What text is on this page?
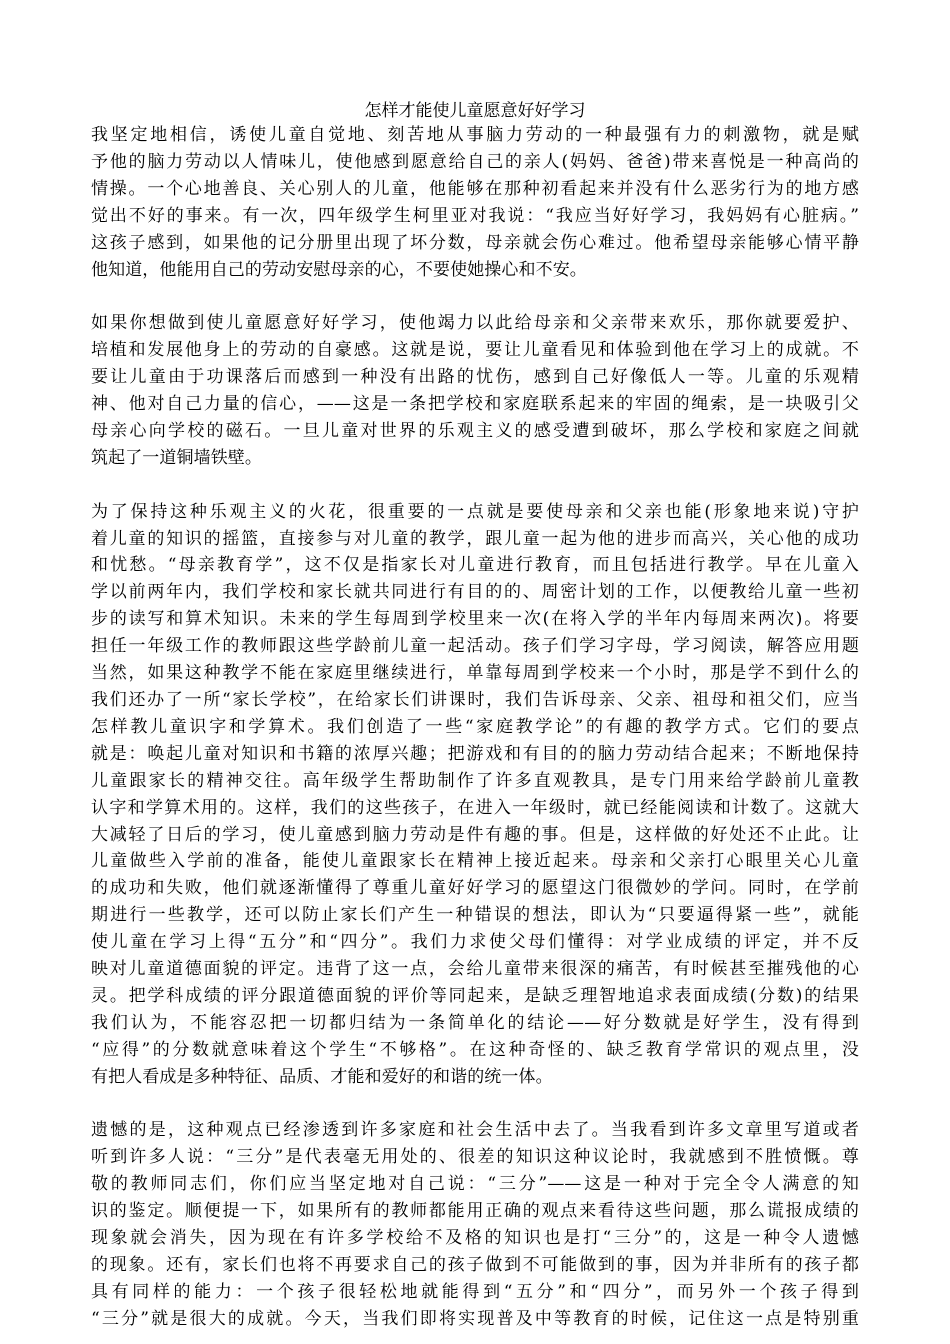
怎样才能使儿童愿意好好学习

我坚定地相信，诱使儿童自觉地、刻苦地从事脑力劳动的一种最强有力的刺激物，就是赋
予他的脑力劳动以人情味儿，使他感到愿意给自己的亲人(妈妈、爸爸)带来喜悦是一种高尚的
情操。一个心地善良、关心别人的儿童，他能够在那种初看起来并没有什么恶劣行为的地方感
觉出不好的事来。有一次，四年级学生柯里亚对我说：“我应当好好学习，我妈妈有心脏病。”
这孩子感到，如果他的记分册里出现了坏分数，母亲就会伤心难过。他希望母亲能够心情平静
他知道，他能用自己的劳动安慰母亲的心，不要使她操心和不安。

如果你想做到使儿童愿意好好学习，使他竭力以此给母亲和父亲带来欢乐，那你就要爱护、
培植和发展他身上的劳动的自豪感。这就是说，要让儿童看见和体验到他在学习上的成就。不
要让儿童由于功课落后而感到一种没有出路的忧伤，感到自己好像低人一等。儿童的乐观精
神、他对自己力量的信心，——这是一条把学校和家庭联系起来的牢固的绳索，是一块吸引父
母亲心向学校的磁石。一旦儿童对世界的乐观主义的感受遭到破坏，那么学校和家庭之间就
筑起了一道铜墙铁壁。

为了保持这种乐观主义的火花，很重要的一点就是要使母亲和父亲也能(形象地来说)守护
着儿童的知识的摇篮，直接参与对儿童的教学，跟儿童一起为他的进步而高兴，关心他的成功
和忧愁。“母亲教育学”，这不仅是指家长对儿童进行教育，而且包括进行教学。早在儿童入
学以前两年内，我们学校和家长就共同进行有目的的、周密计划的工作，以便教给儿童一些初
步的读写和算术知识。未来的学生每周到学校里来一次(在将入学的半年内每周来两次)。将要
担任一年级工作的教师跟这些学龄前儿童一起活动。孩子们学习字母，学习阅读，解答应用题
当然，如果这种教学不能在家庭里继续进行，单靠每周到学校来一个小时，那是学不到什么的
我们还办了一所“家长学校”，在给家长们讲课时，我们告诉母亲、父亲、祖母和祖父们，应当
怎样教儿童识字和学算术。我们创造了一些“家庭教学论”的有趣的教学方式。它们的要点
就是：唤起儿童对知识和书籍的浓厚兴趣；把游戏和有目的的脑力劳动结合起来；不断地保持
儿童跟家长的精神交往。高年级学生帮助制作了许多直观教具，是专门用来给学龄前儿童教
认字和学算术用的。这样，我们的这些孩子，在进入一年级时，就已经能阅读和计数了。这就大
大减轻了日后的学习，使儿童感到脑力劳动是件有趣的事。但是，这样做的好处还不止此。让
儿童做些入学前的准备，能使儿童跟家长在精神上接近起来。母亲和父亲打心眼里关心儿童
的成功和失败，他们就逐渐懂得了尊重儿童好好学习的愿望这门很微妙的学问。同时，在学前
期进行一些教学，还可以防止家长们产生一种错误的想法，即认为“只要逼得紧一些”，就能
使儿童在学习上得“五分”和“四分”。我们力求使父母们懂得：对学业成绩的评定，并不反
映对儿童道德面貌的评定。违背了这一点，会给儿童带来很深的痛苦，有时候甚至摧残他的心
灵。把学科成绩的评分跟道德面貌的评价等同起来，是缺乏理智地追求表面成绩(分数)的结果
我们认为，不能容忍把一切都归结为一条简单化的结论——好分数就是好学生，没有得到
“应得”的分数就意味着这个学生“不够格”。在这种奇怪的、缺乏教育学常识的观点里，没
有把人看成是多种特征、品质、才能和爱好的和谐的统一体。

遗憾的是，这种观点已经渗透到许多家庭和社会生活中去了。当我看到许多文章里写道或者
听到许多人说：“三分”是代表毫无用处的、很差的知识这种议论时，我就感到不胜愤慨。尊
敬的教师同志们，你们应当坚定地对自己说：“三分”——这是一种对于完全令人满意的知
识的鉴定。顺便提一下，如果所有的教师都能用正确的观点来看待这些问题，那么谎报成绩的
现象就会消失，因为现在有许多学校给不及格的知识也是打“三分”的，这是一种令人遗憾
的现象。还有，家长们也将不再要求自己的孩子做到不可能做到的事，因为并非所有的孩子都
具有同样的能力：一个孩子很轻松地就能得到“五分”和“四分”，而另外一个孩子得到
“三分”就是很大的成就。今天，当我们即将实现普及中等教育的时候，记住这一点是特别重
